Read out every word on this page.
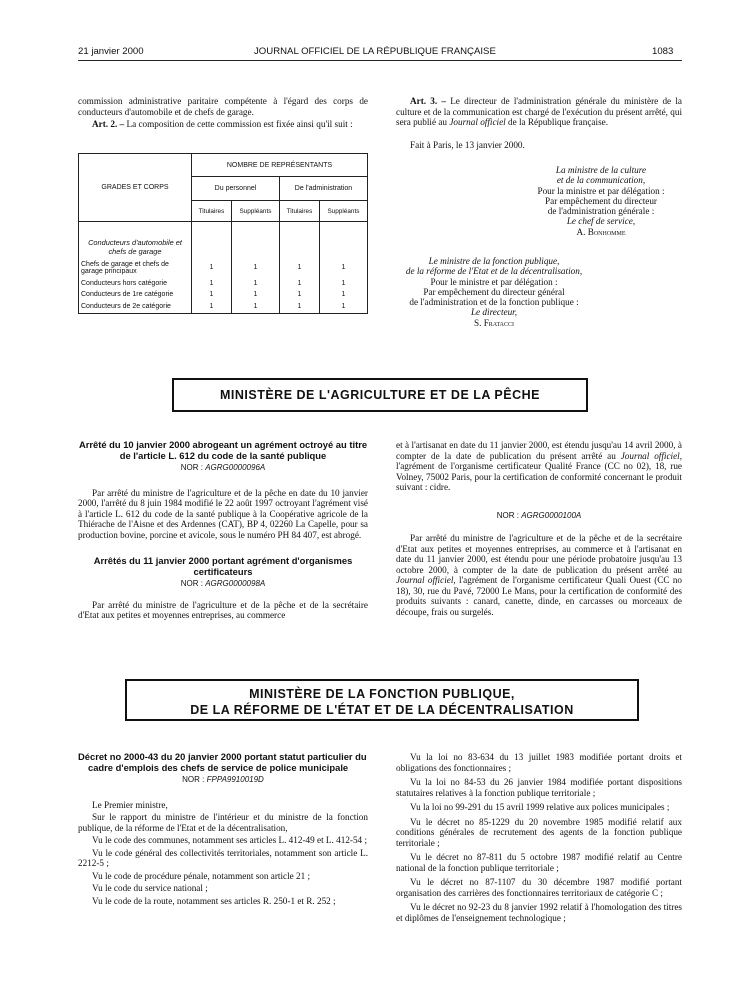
21 janvier 2000	JOURNAL OFFICIEL DE LA RÉPUBLIQUE FRANÇAISE	1083

commission administrative paritaire compétente à l'égard des corps de conducteurs d'automobile et de chefs de garage.

Art. 2. – La composition de cette commission est fixée ainsi qu'il suit :

GRADES ET CORPS	NOMBRE DE REPRÉSENTANTS			
	Du personnel		De l'administration	
	Titulaires	Suppléants	Titulaires	Suppléants
Conducteurs d'automobile et chefs de garage				
Chefs de garage et chefs de garage principaux	1	1	1	1
Conducteurs hors catégorie	1	1	1	1
Conducteurs de 1re catégorie	1	1	1	1
Conducteurs de 2e catégorie	1	1	1	1

Art. 3. – Le directeur de l'administration générale du ministère de la culture et de la communication est chargé de l'exécution du présent arrêté, qui sera publié au Journal officiel de la République française.

Fait à Paris, le 13 janvier 2000.

La ministre de la culture
et de la communication,
Pour la ministre et par délégation :
Par empêchement du directeur
de l'administration générale :
Le chef de service,
A. Bonhomme
Le ministre de la fonction publique,
de la réforme de l'Etat et de la décentralisation,
Pour le ministre et par délégation :
Par empêchement du directeur général
de l'administration et de la fonction publique :
Le directeur,
S. Fratacci
MINISTÈRE DE L'AGRICULTURE ET DE LA PÊCHE
Arrêté du 10 janvier 2000 abrogeant un agrément octroyé au titre de l'article L. 612 du code de la santé publique
NOR : AGRG0000096A

Par arrêté du ministre de l'agriculture et de la pêche en date du 10 janvier 2000, l'arrêté du 8 juin 1984 modifié le 22 août 1997 octroyant l'agrément visé à l'article L. 612 du code de la santé publique à la Coopérative agricole de la Thiérache de l'Aisne et des Ardennes (CAT), BP 4, 02260 La Capelle, pour sa production bovine, porcine et avicole, sous le numéro PH 84 407, est abrogé.

Arrêtés du 11 janvier 2000 portant agrément d'organismes certificateurs
NOR : AGRG0000098A

Par arrêté du ministre de l'agriculture et de la pêche et de la secrétaire d'Etat aux petites et moyennes entreprises, au commerce

et à l'artisanat en date du 11 janvier 2000, est étendu jusqu'au 14 avril 2000, à compter de la date de publication du présent arrêté au Journal officiel, l'agrément de l'organisme certificateur Qualité France (CC no 02), 18, rue Volney, 75002 Paris, pour la certification de conformité concernant le produit suivant : cidre.

NOR : AGRG0000100A

Par arrêté du ministre de l'agriculture et de la pêche et de la secrétaire d'Etat aux petites et moyennes entreprises, au commerce et à l'artisanat en date du 11 janvier 2000, est étendu pour une période probatoire jusqu'au 13 octobre 2000, à compter de la date de publication du présent arrêté au Journal officiel, l'agrément de l'organisme certificateur Quali Ouest (CC no 18), 30, rue du Pavé, 72000 Le Mans, pour la certification de conformité des produits suivants : canard, canette, dinde, en carcasses ou morceaux de découpe, frais ou surgelés.

MINISTÈRE DE LA FONCTION PUBLIQUE,
DE LA RÉFORME DE L'ÉTAT ET DE LA DÉCENTRALISATION
Décret no 2000-43 du 20 janvier 2000 portant statut particulier du cadre d'emplois des chefs de service de police municipale
NOR : FPPA9910019D

Le Premier ministre,

Sur le rapport du ministre de l'intérieur et du ministre de la fonction publique, de la réforme de l'Etat et de la décentralisation,

Vu le code des communes, notamment ses articles L. 412-49 et L. 412-54 ;

Vu le code général des collectivités territoriales, notamment son article L. 2212-5 ;

Vu le code de procédure pénale, notamment son article 21 ;

Vu le code du service national ;

Vu le code de la route, notamment ses articles R. 250-1 et R. 252 ;

Vu la loi no 83-634 du 13 juillet 1983 modifiée portant droits et obligations des fonctionnaires ;

Vu la loi no 84-53 du 26 janvier 1984 modifiée portant dispositions statutaires relatives à la fonction publique territoriale ;

Vu la loi no 99-291 du 15 avril 1999 relative aux polices municipales ;

Vu le décret no 85-1229 du 20 novembre 1985 modifié relatif aux conditions générales de recrutement des agents de la fonction publique territoriale ;

Vu le décret no 87-811 du 5 octobre 1987 modifié relatif au Centre national de la fonction publique territoriale ;

Vu le décret no 87-1107 du 30 décembre 1987 modifié portant organisation des carrières des fonctionnaires territoriaux de catégorie C ;

Vu le décret no 92-23 du 8 janvier 1992 relatif à l'homologation des titres et diplômes de l'enseignement technologique ;
